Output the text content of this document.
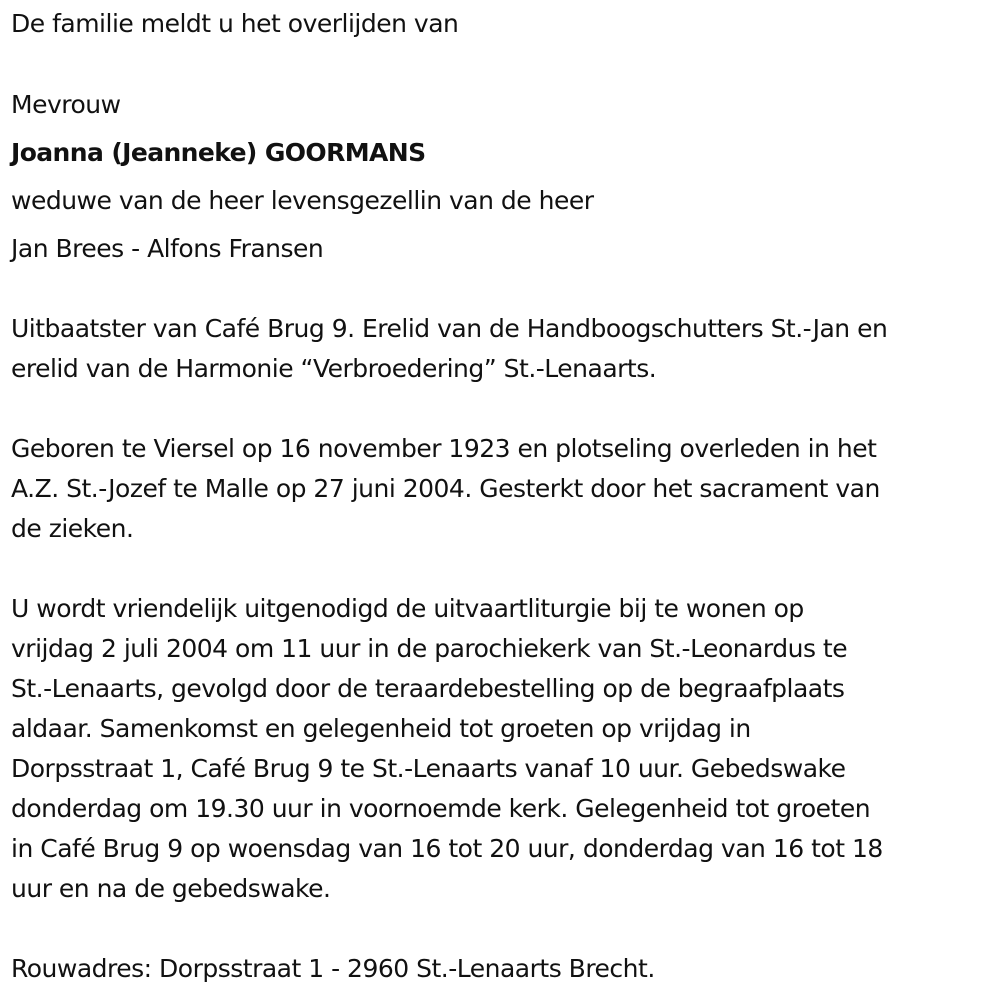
De familie meldt u het overlijden van
Mevrouw
Joanna (Jeanneke) GOORMANS
weduwe van de heer levensgezellin van de heer
Jan Brees - Alfons Fransen
Uitbaatster van Café Brug 9. Erelid van de Handboogschutters St.-Jan en
erelid van de Harmonie “Verbroedering” St.-Lenaarts.
Geboren te Viersel op 16 november 1923 en plotseling overleden in het
A.Z. St.-Jozef te Malle op 27 juni 2004. Gesterkt door het sacrament van
de zieken.
U wordt vriendelijk uitgenodigd de uitvaartliturgie bij te wonen op
vrijdag 2 juli 2004 om 11 uur in de parochiekerk van St.-Leonardus te
St.-Lenaarts, gevolgd door de teraardebestelling op de begraafplaats
aldaar. Samenkomst en gelegenheid tot groeten op vrijdag in
Dorpsstraat 1, Café Brug 9 te St.-Lenaarts vanaf 10 uur. Gebedswake
donderdag om 19.30 uur in voornoemde kerk. Gelegenheid tot groeten
in Café Brug 9 op woensdag van 16 tot 20 uur, donderdag van 16 tot 18
uur en na de gebedswake.
Rouwadres: Dorpsstraat 1 - 2960 St.-Lenaarts Brecht.
